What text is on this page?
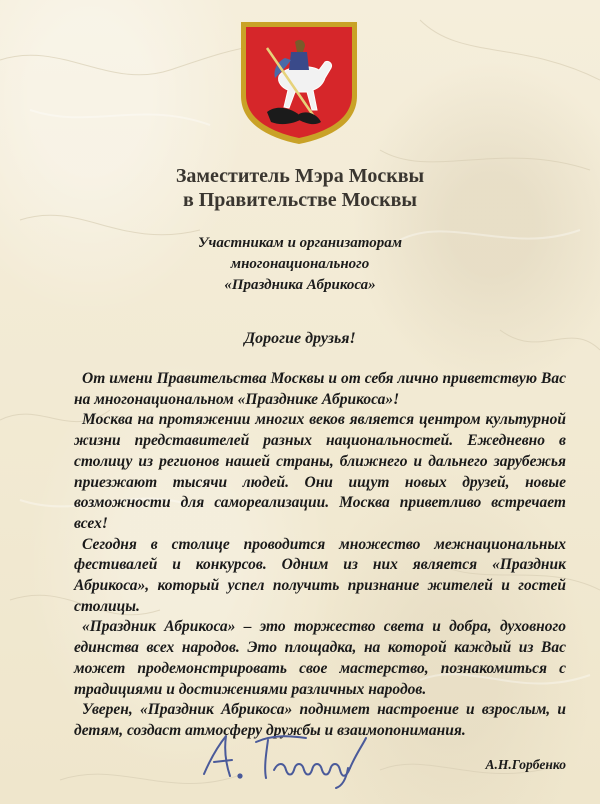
Заместитель Мэра Москвы
в Правительстве Москвы
Участникам и организаторам
многонационального
«Праздника Абрикоса»
Дорогие друзья!

От имени Правительства Москвы и от себя лично приветствую Вас на многонациональном «Празднике Абрикоса»!

Москва на протяжении многих веков является центром культурной жизни представителей разных национальностей. Ежедневно в столицу из регионов нашей страны, ближнего и дальнего зарубежья приезжают тысячи людей. Они ищут новых друзей, новые возможности для самореализации. Москва приветливо встречает всех!

Сегодня в столице проводится множество межнациональных фестивалей и конкурсов. Одним из них является «Праздник Абрикоса», который успел получить признание жителей и гостей столицы.

«Праздник Абрикоса» – это торжество света и добра, духовного единства всех народов. Это площадка, на которой каждый из Вас может продемонстрировать свое мастерство, познакомиться с традициями и достижениями различных народов.

Уверен, «Праздник Абрикоса» поднимет настроение и взрослым, и детям, создаст атмосферу дружбы и взаимопонимания.

А.Н.Горбенко
